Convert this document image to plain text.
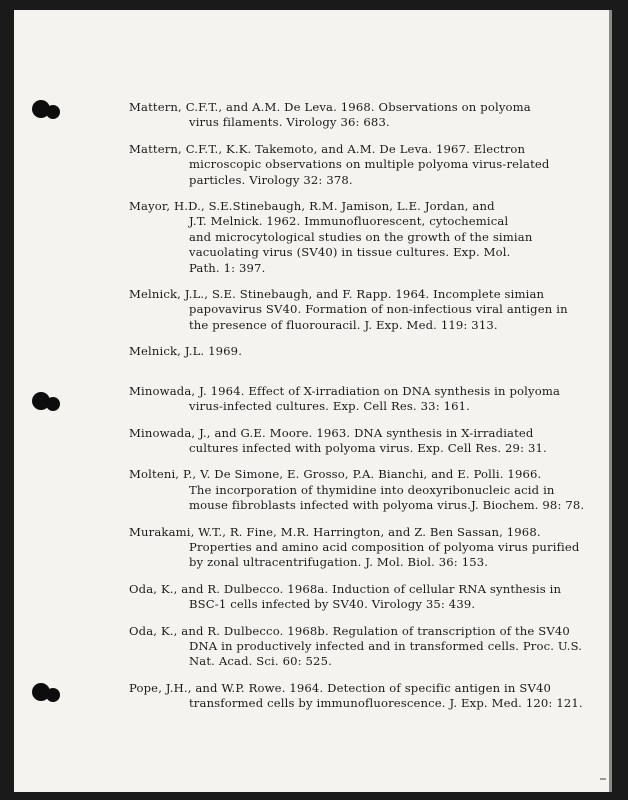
Mattern, C.F.T., and A.M. De Leva. 1968. Observations on polyoma
virus filaments. Virology 36: 683.
Mattern, C.F.T., K.K. Takemoto, and A.M. De Leva. 1967. Electron
microscopic observations on multiple polyoma virus-related
particles. Virology 32: 378.
Mayor, H.D., S.E.Stinebaugh, R.M. Jamison, L.E. Jordan, and
J.T. Melnick. 1962. Immunofluorescent, cytochemical
and microcytological studies on the growth of the simian
vacuolating virus (SV40) in tissue cultures. Exp. Mol.
Path. 1: 397.
Melnick, J.L., S.E. Stinebaugh, and F. Rapp. 1964. Incomplete simian
papovavirus SV40. Formation of non-infectious viral antigen in
the presence of fluorouracil. J. Exp. Med. 119: 313.
Melnick, J.L. 1969.
Minowada, J. 1964. Effect of X-irradiation on DNA synthesis in polyoma
virus-infected cultures. Exp. Cell Res. 33: 161.
Minowada, J., and G.E. Moore. 1963. DNA synthesis in X-irradiated
cultures infected with polyoma virus. Exp. Cell Res. 29: 31.
Molteni, P., V. De Simone, E. Grosso, P.A. Bianchi, and E. Polli. 1966.
The incorporation of thymidine into deoxyribonucleic acid in
mouse fibroblasts infected with polyoma virus.J. Biochem. 98: 78.
Murakami, W.T., R. Fine, M.R. Harrington, and Z. Ben Sassan, 1968.
Properties and amino acid composition of polyoma virus purified
by zonal ultracentrifugation. J. Mol. Biol. 36: 153.
Oda, K., and R. Dulbecco. 1968a. Induction of cellular RNA synthesis in
BSC-1 cells infected by SV40. Virology 35: 439.
Oda, K., and R. Dulbecco. 1968b. Regulation of transcription of the SV40
DNA in productively infected and in transformed cells. Proc. U.S.
Nat. Acad. Sci. 60: 525.
Pope, J.H., and W.P. Rowe. 1964. Detection of specific antigen in SV40
transformed cells by immunofluorescence. J. Exp. Med. 120: 121.
